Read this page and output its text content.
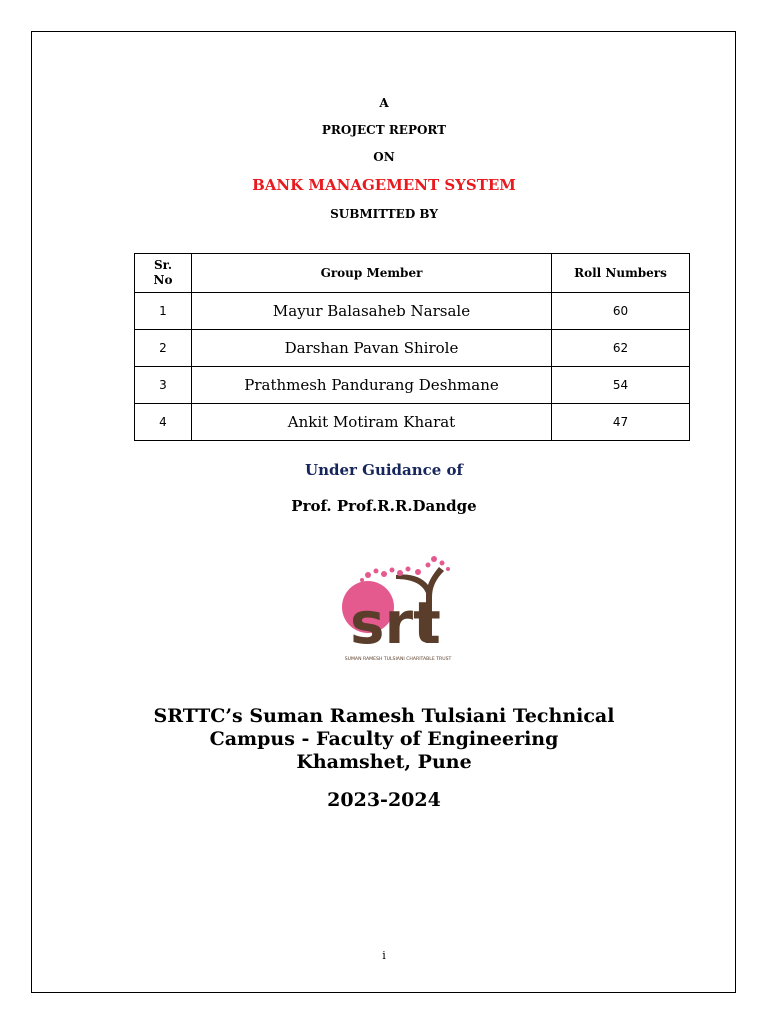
A
PROJECT REPORT
ON
BANK MANAGEMENT SYSTEM
SUBMITTED BY
Sr. No	Group Member	Roll Numbers
1	Mayur Balasaheb Narsale	60
2	Darshan Pavan Shirole	62
3	Prathmesh Pandurang Deshmane	54
4	Ankit Motiram Kharat	47
Under Guidance of
Prof. Prof.R.R.Dandge
srt
SUMAN RAMESH TULSIANI CHARITABLE TRUST
SRTTC’s Suman Ramesh Tulsiani Technical
Campus - Faculty of Engineering
Khamshet, Pune
2023-2024
i
